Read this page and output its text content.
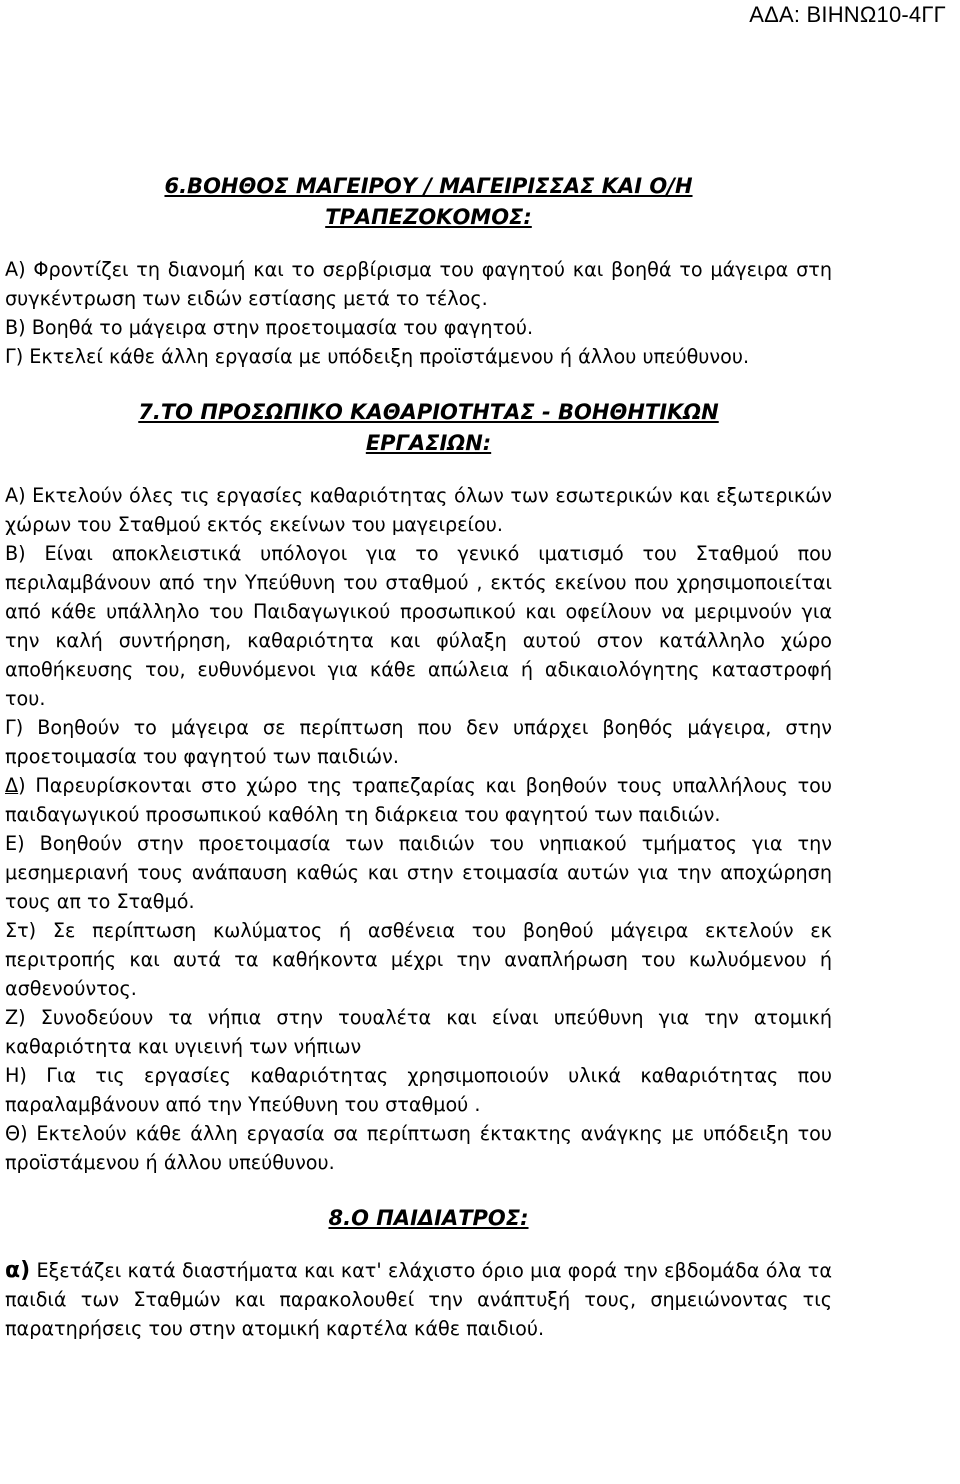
ΑΔΑ: ΒΙΗΝΩ10-4ΓΓ

6.ΒΟΗΘΟΣ ΜΑΓΕΙΡΟΥ / ΜΑΓΕΙΡΙΣΣΑΣ ΚΑΙ Ο/Η

ΤΡΑΠΕΖΟΚΟΜΟΣ:

Α) Φροντίζει τη διανομή και το σερβίρισμα του φαγητού και βοηθά το μάγειρα στη συγκέντρωση των ειδών εστίασης μετά το τέλος.

Β) Βοηθά το μάγειρα στην προετοιμασία του φαγητού.

Γ) Εκτελεί κάθε άλλη εργασία με υπόδειξη προϊστάμενου ή άλλου υπεύθυνου.

7.ΤΟ ΠΡΟΣΩΠΙΚΟ ΚΑΘΑΡΙΟΤΗΤΑΣ - ΒΟΗΘΗΤΙΚΩΝ

ΕΡΓΑΣΙΩΝ:

Α) Εκτελούν όλες τις εργασίες καθαριότητας όλων των εσωτερικών και εξωτερικών χώρων του Σταθμού εκτός εκείνων του μαγειρείου.

Β) Είναι αποκλειστικά υπόλογοι για το γενικό ιματισμό του Σταθμού που περιλαμβάνουν από την Υπεύθυνη του σταθμού , εκτός εκείνου που χρησιμοποιείται από κάθε υπάλληλο του Παιδαγωγικού προσωπικού και οφείλουν να μεριμνούν για την καλή συντήρηση, καθαριότητα και φύλαξη αυτού στον κατάλληλο χώρο αποθήκευσης του, ευθυνόμενοι για κάθε απώλεια ή αδικαιολόγητης καταστροφή του.

Γ) Βοηθούν το μάγειρα σε περίπτωση που δεν υπάρχει βοηθός μάγειρα, στην προετοιμασία του φαγητού των παιδιών.

Δ) Παρευρίσκονται στο χώρο της τραπεζαρίας και βοηθούν τους υπαλλήλους του παιδαγωγικού προσωπικού καθόλη τη διάρκεια του φαγητού των παιδιών.

Ε) Βοηθούν στην προετοιμασία των παιδιών του νηπιακού τμήματος για την μεσημεριανή τους ανάπαυση καθώς και στην ετοιμασία αυτών για την αποχώρηση τους απ το Σταθμό.

Στ) Σε περίπτωση κωλύματος ή ασθένεια του βοηθού μάγειρα εκτελούν εκ περιτροπής και αυτά τα καθήκοντα μέχρι την αναπλήρωση του κωλυόμενου ή ασθενούντος.

Ζ) Συνοδεύουν τα νήπια στην τουαλέτα και είναι υπεύθυνη για την ατομική καθαριότητα και υγιεινή των νήπιων

Η) Για τις εργασίες καθαριότητας χρησιμοποιούν υλικά καθαριότητας που παραλαμβάνουν από την Υπεύθυνη του σταθμού .

Θ) Εκτελούν κάθε άλλη εργασία σα περίπτωση έκτακτης ανάγκης με υπόδειξη του προϊστάμενου ή άλλου υπεύθυνου.

8.Ο ΠΑΙΔΙΑΤΡΟΣ:

α) Εξετάζει κατά διαστήματα και κατ' ελάχιστο όριο μια φορά την εβδομάδα όλα τα παιδιά των Σταθμών και παρακολουθεί την ανάπτυξή τους, σημειώνοντας τις παρατηρήσεις του στην ατομική καρτέλα κάθε παιδιού.
